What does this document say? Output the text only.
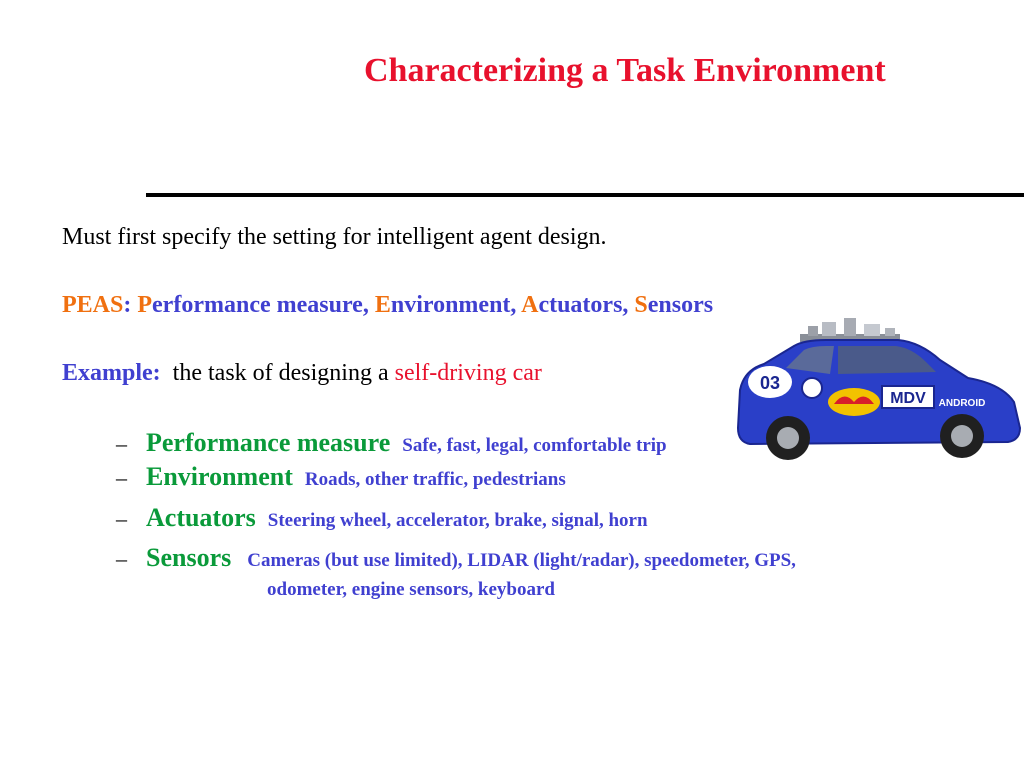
Characterizing a Task Environment
Must first specify the setting for intelligent agent design.
PEAS: Performance measure, Environment, Actuators, Sensors
Example: the task of designing a self-driving car
– Performance measure Safe, fast, legal, comfortable trip
– Environment Roads, other traffic, pedestrians
– Actuators Steering wheel, accelerator, brake, signal, horn
– Sensors Cameras (but use limited), LIDAR (light/radar), speedometer, GPS,
odometer, engine sensors, keyboard
03
MDV ANDROID
